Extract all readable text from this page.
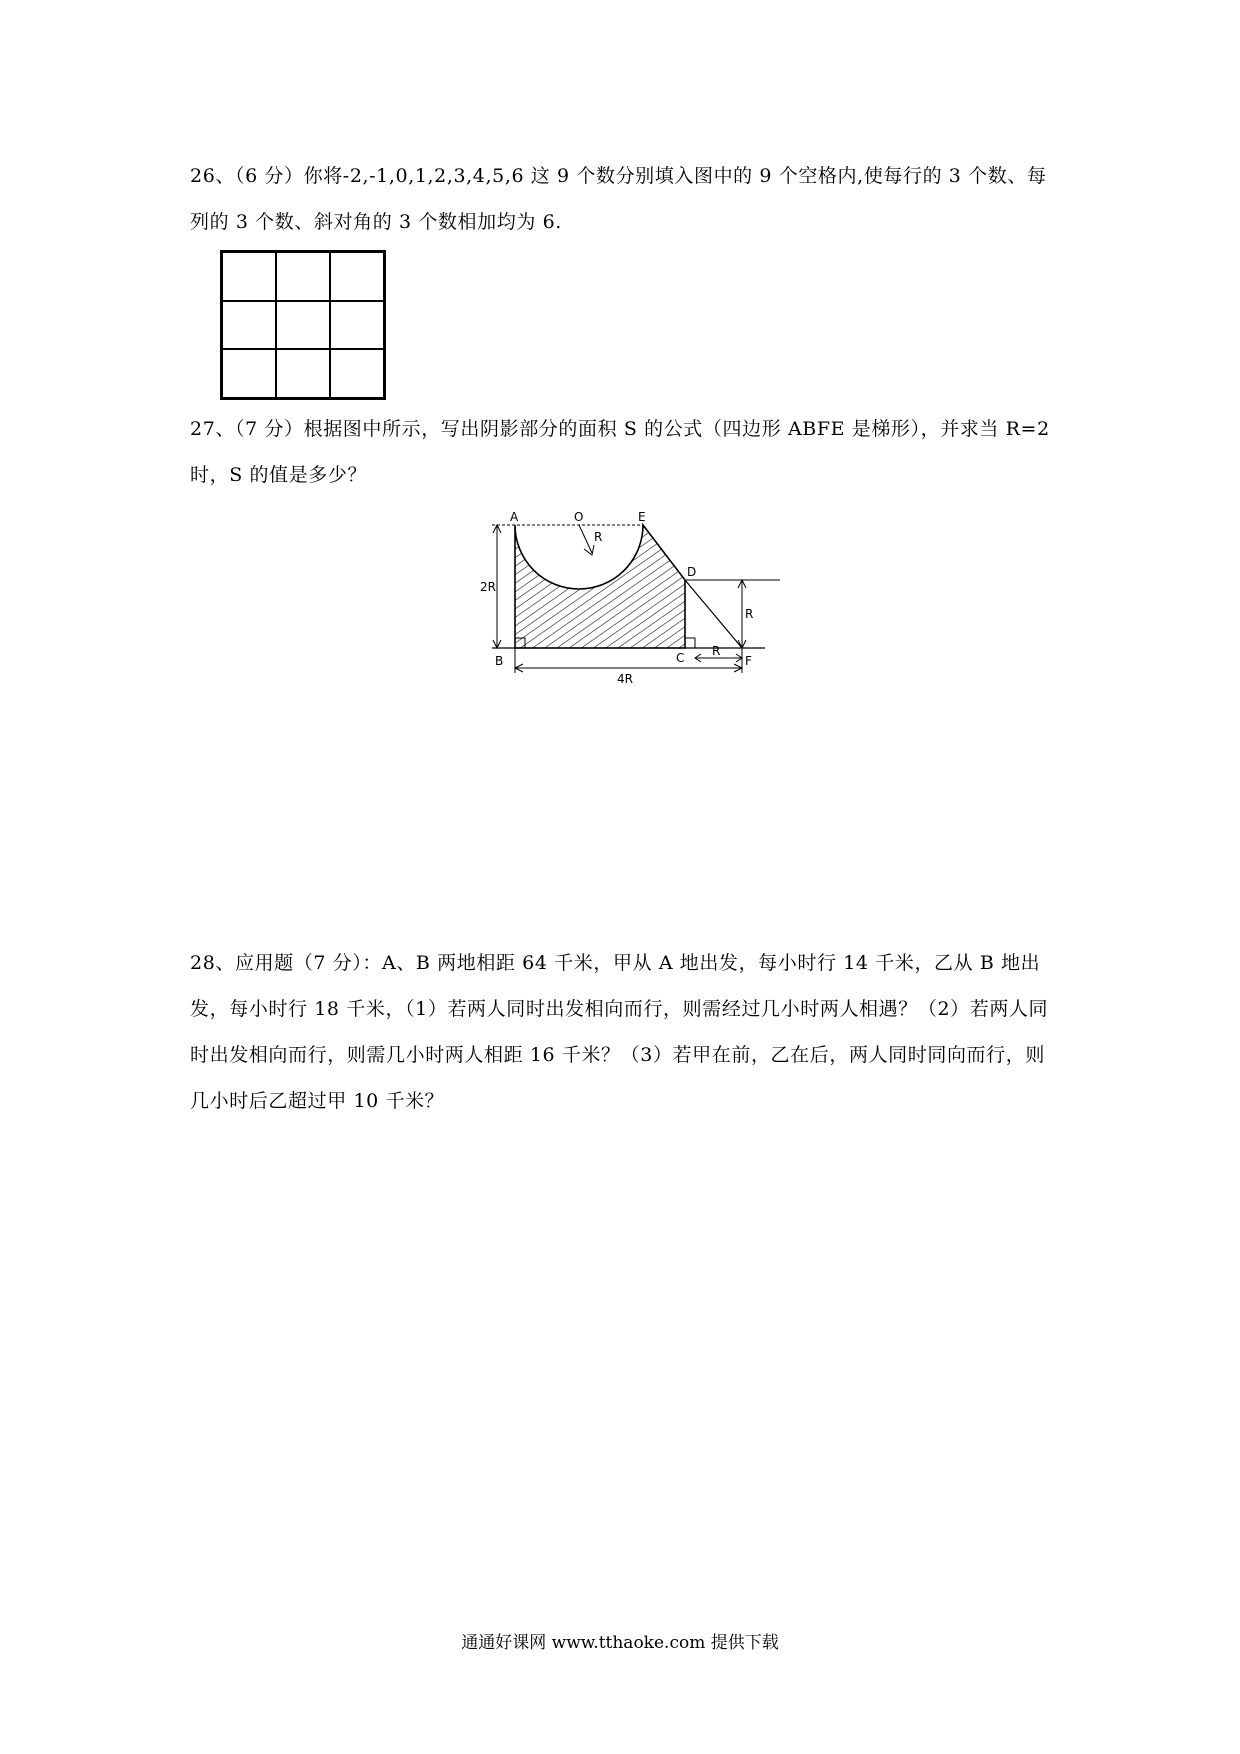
26、（6 分）你将-2,-1,0,1,2,3,4,5,6 这 9 个数分别填入图中的 9 个空格内,使每行的 3 个数、每列的 3 个数、斜对角的 3 个数相加均为 6.
27、（7 分）根据图中所示，写出阴影部分的面积 S 的公式（四边形 ABFE 是梯形），并求当 R=2 时，S 的值是多少？
A	O	E
D
B	C	F
R
2R
R
4R
R
28、应用题（7 分）：A、B 两地相距 64 千米，甲从 A 地出发，每小时行 14 千米，乙从 B 地出发，每小时行 18 千米，（1）若两人同时出发相向而行，则需经过几小时两人相遇？（2）若两人同时出发相向而行，则需几小时两人相距 16 千米？（3）若甲在前，乙在后，两人同时同向而行，则几小时后乙超过甲 10 千米？
通通好课网 www.tthaoke.com 提供下载
